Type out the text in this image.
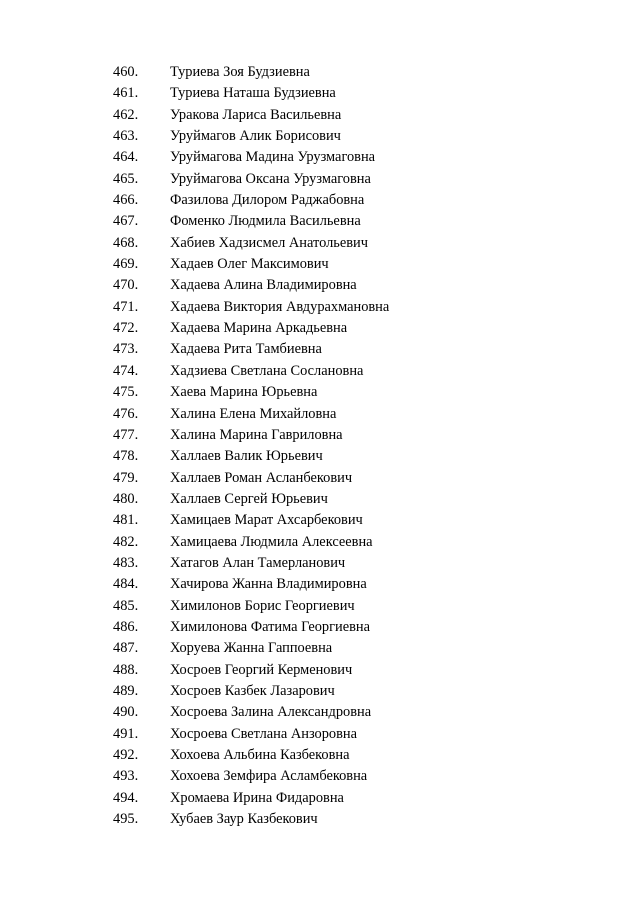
460. Туриева Зоя Будзиевна
461. Туриева Наташа Будзиевна
462. Уракова Лариса Васильевна
463. Уруймагов Алик Борисович
464. Уруймагова Мадина Урузмаговна
465. Уруймагова Оксана Урузмаговна
466. Фазилова Дилором Раджабовна
467. Фоменко Людмила Васильевна
468. Хабиев Хадзисмел Анатольевич
469. Хадаев Олег Максимович
470. Хадаева Алина Владимировна
471. Хадаева Виктория Авдурахмановна
472. Хадаева Марина Аркадьевна
473. Хадаева Рита Тамбиевна
474. Хадзиева Светлана Сослановна
475. Хаева Марина Юрьевна
476. Халина Елена Михайловна
477. Халина Марина Гавриловна
478. Халлаев Валик Юрьевич
479. Халлаев Роман Асланбекович
480. Халлаев Сергей Юрьевич
481. Хамицаев Марат Ахсарбекович
482. Хамицаева Людмила Алексеевна
483. Хатагов Алан Тамерланович
484. Хачирова Жанна Владимировна
485. Химилонов Борис Георгиевич
486. Химилонова Фатима Георгиевна
487. Хоруева Жанна Гаппоевна
488. Хосроев Георгий Керменович
489. Хосроев Казбек Лазарович
490. Хосроева Залина Александровна
491. Хосроева Светлана Анзоровна
492. Хохоева Альбина Казбековна
493. Хохоева Земфира Асламбековна
494. Хромаева Ирина Фидаровна
495. Хубаев Заур Казбекович
